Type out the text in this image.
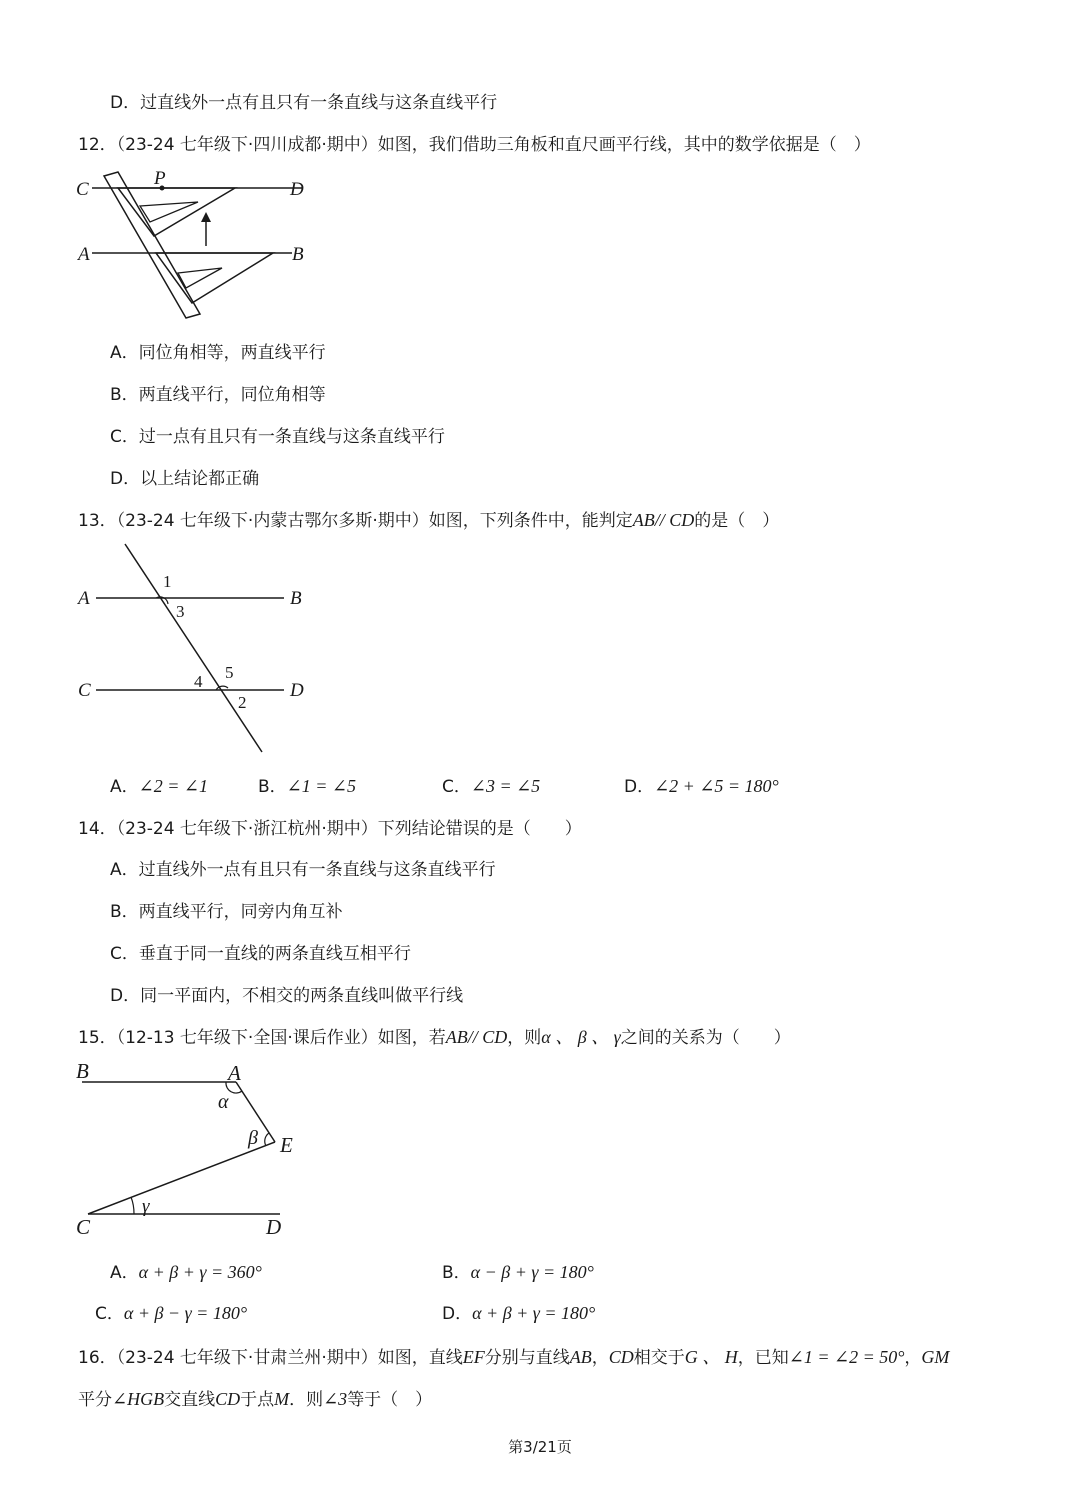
D．过直线外一点有且只有一条直线与这条直线平行
12．（23-24 七年级下·四川成都·期中）如图，我们借助三角板和直尺画平行线，其中的数学依据是（　）
C
P
D
A	B
A．同位角相等，两直线平行
B．两直线平行，同位角相等
C．过一点有且只有一条直线与这条直线平行
D．以上结论都正确
13．（23-24 七年级下·内蒙古鄂尔多斯·期中）如图，下列条件中，能判定AB// CD的是（　）
A	B
C	D
1
3
4 5
2
A．∠2 = ∠1	B．∠1 = ∠5	C．∠3 = ∠5	D．∠2 + ∠5 = 180°
14．（23-24 七年级下·浙江杭州·期中）下列结论错误的是（　　）
A．过直线外一点有且只有一条直线与这条直线平行
B．两直线平行，同旁内角互补
C．垂直于同一直线的两条直线互相平行
D．同一平面内，不相交的两条直线叫做平行线
15．（12-13 七年级下·全国·课后作业）如图，若AB// CD，则α 、 β 、 γ之间的关系为（　　）
B	A
α
β E
γ
C	D
A．α + β + γ = 360°	B．α − β + γ = 180°
C．α + β − γ = 180°	D．α + β + γ = 180°
16．（23-24 七年级下·甘肃兰州·期中）如图，直线EF分别与直线AB，CD相交于G 、 H，已知∠1 = ∠2 = 50°，GM
平分∠HGB交直线CD于点M．则∠3等于（　）
第3/21页
